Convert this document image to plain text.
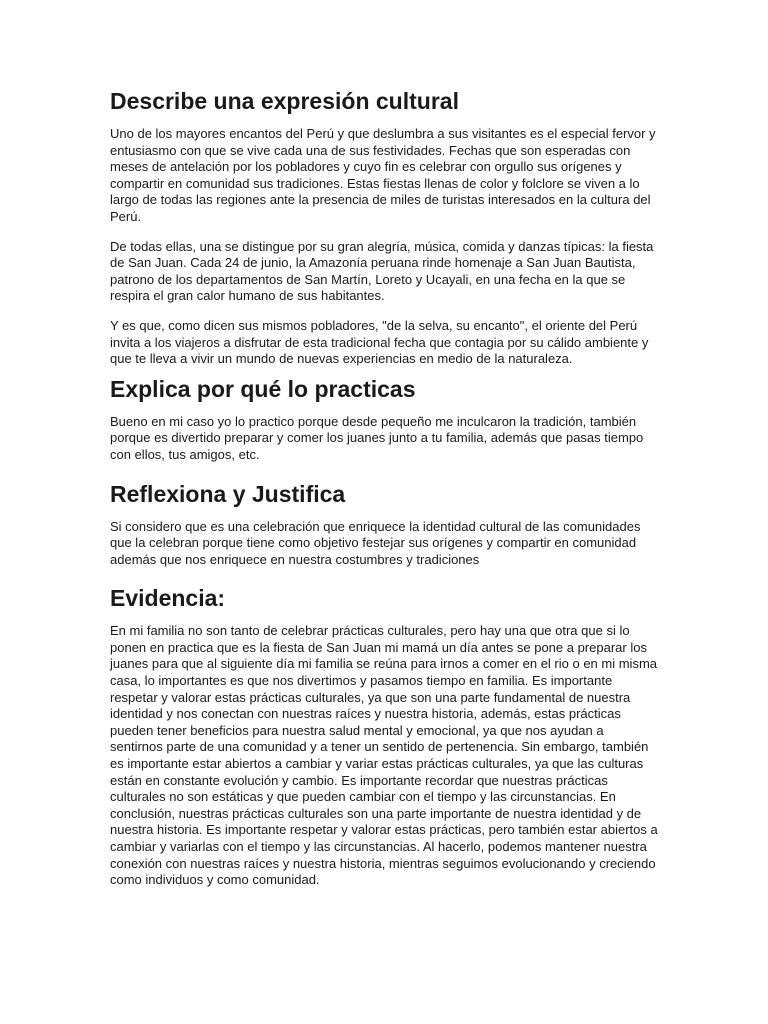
Describe una expresión cultural

Uno de los mayores encantos del Perú y que deslumbra a sus visitantes es el especial fervor y entusiasmo con que se vive cada una de sus festividades. Fechas que son esperadas con meses de antelación por los pobladores y cuyo fin es celebrar con orgullo sus orígenes y compartir en comunidad sus tradiciones. Estas fiestas llenas de color y folclore se viven a lo largo de todas las regiones ante la presencia de miles de turistas interesados en la cultura del Perú.

De todas ellas, una se distingue por su gran alegría, música, comida y danzas típicas: la fiesta de San Juan. Cada 24 de junio, la Amazonía peruana rinde homenaje a San Juan Bautista, patrono de los departamentos de San Martín, Loreto y Ucayali, en una fecha en la que se respira el gran calor humano de sus habitantes.

Y es que, como dicen sus mismos pobladores, "de la selva, su encanto", el oriente del Perú invita a los viajeros a disfrutar de esta tradicional fecha que contagia por su cálido ambiente y que te lleva a vivir un mundo de nuevas experiencias en medio de la naturaleza.

Explica por qué lo practicas

Bueno en mi caso yo lo practico porque desde pequeño me inculcaron la tradición, también porque es divertido preparar y comer los juanes junto a tu familia, además que pasas tiempo con ellos, tus amigos, etc.

Reflexiona y Justifica

Si considero que es una celebración que enriquece la identidad cultural de las comunidades que la celebran porque tiene como objetivo festejar sus orígenes y compartir en comunidad además que nos enriquece en nuestra costumbres y tradiciones

Evidencia:

En mi familia no son tanto de celebrar prácticas culturales, pero hay una que otra que si lo ponen en practica que es la fiesta de San Juan mi mamá un día antes se pone a preparar los juanes para que al siguiente día mi familia se reúna para irnos a comer en el rio o en mi misma casa, lo importantes es que nos divertimos y pasamos tiempo en familia. Es importante respetar y valorar estas prácticas culturales, ya que son una parte fundamental de nuestra identidad y nos conectan con nuestras raíces y nuestra historia, además, estas prácticas pueden tener beneficios para nuestra salud mental y emocional, ya que nos ayudan a sentirnos parte de una comunidad y a tener un sentido de pertenencia. Sin embargo, también es importante estar abiertos a cambiar y variar estas prácticas culturales, ya que las culturas están en constante evolución y cambio. Es importante recordar que nuestras prácticas culturales no son estáticas y que pueden cambiar con el tiempo y las circunstancias. En conclusión, nuestras prácticas culturales son una parte importante de nuestra identidad y de nuestra historia. Es importante respetar y valorar estas prácticas, pero también estar abiertos a cambiar y variarlas con el tiempo y las circunstancias. Al hacerlo, podemos mantener nuestra conexión con nuestras raíces y nuestra historia, mientras seguimos evolucionando y creciendo como individuos y como comunidad.
